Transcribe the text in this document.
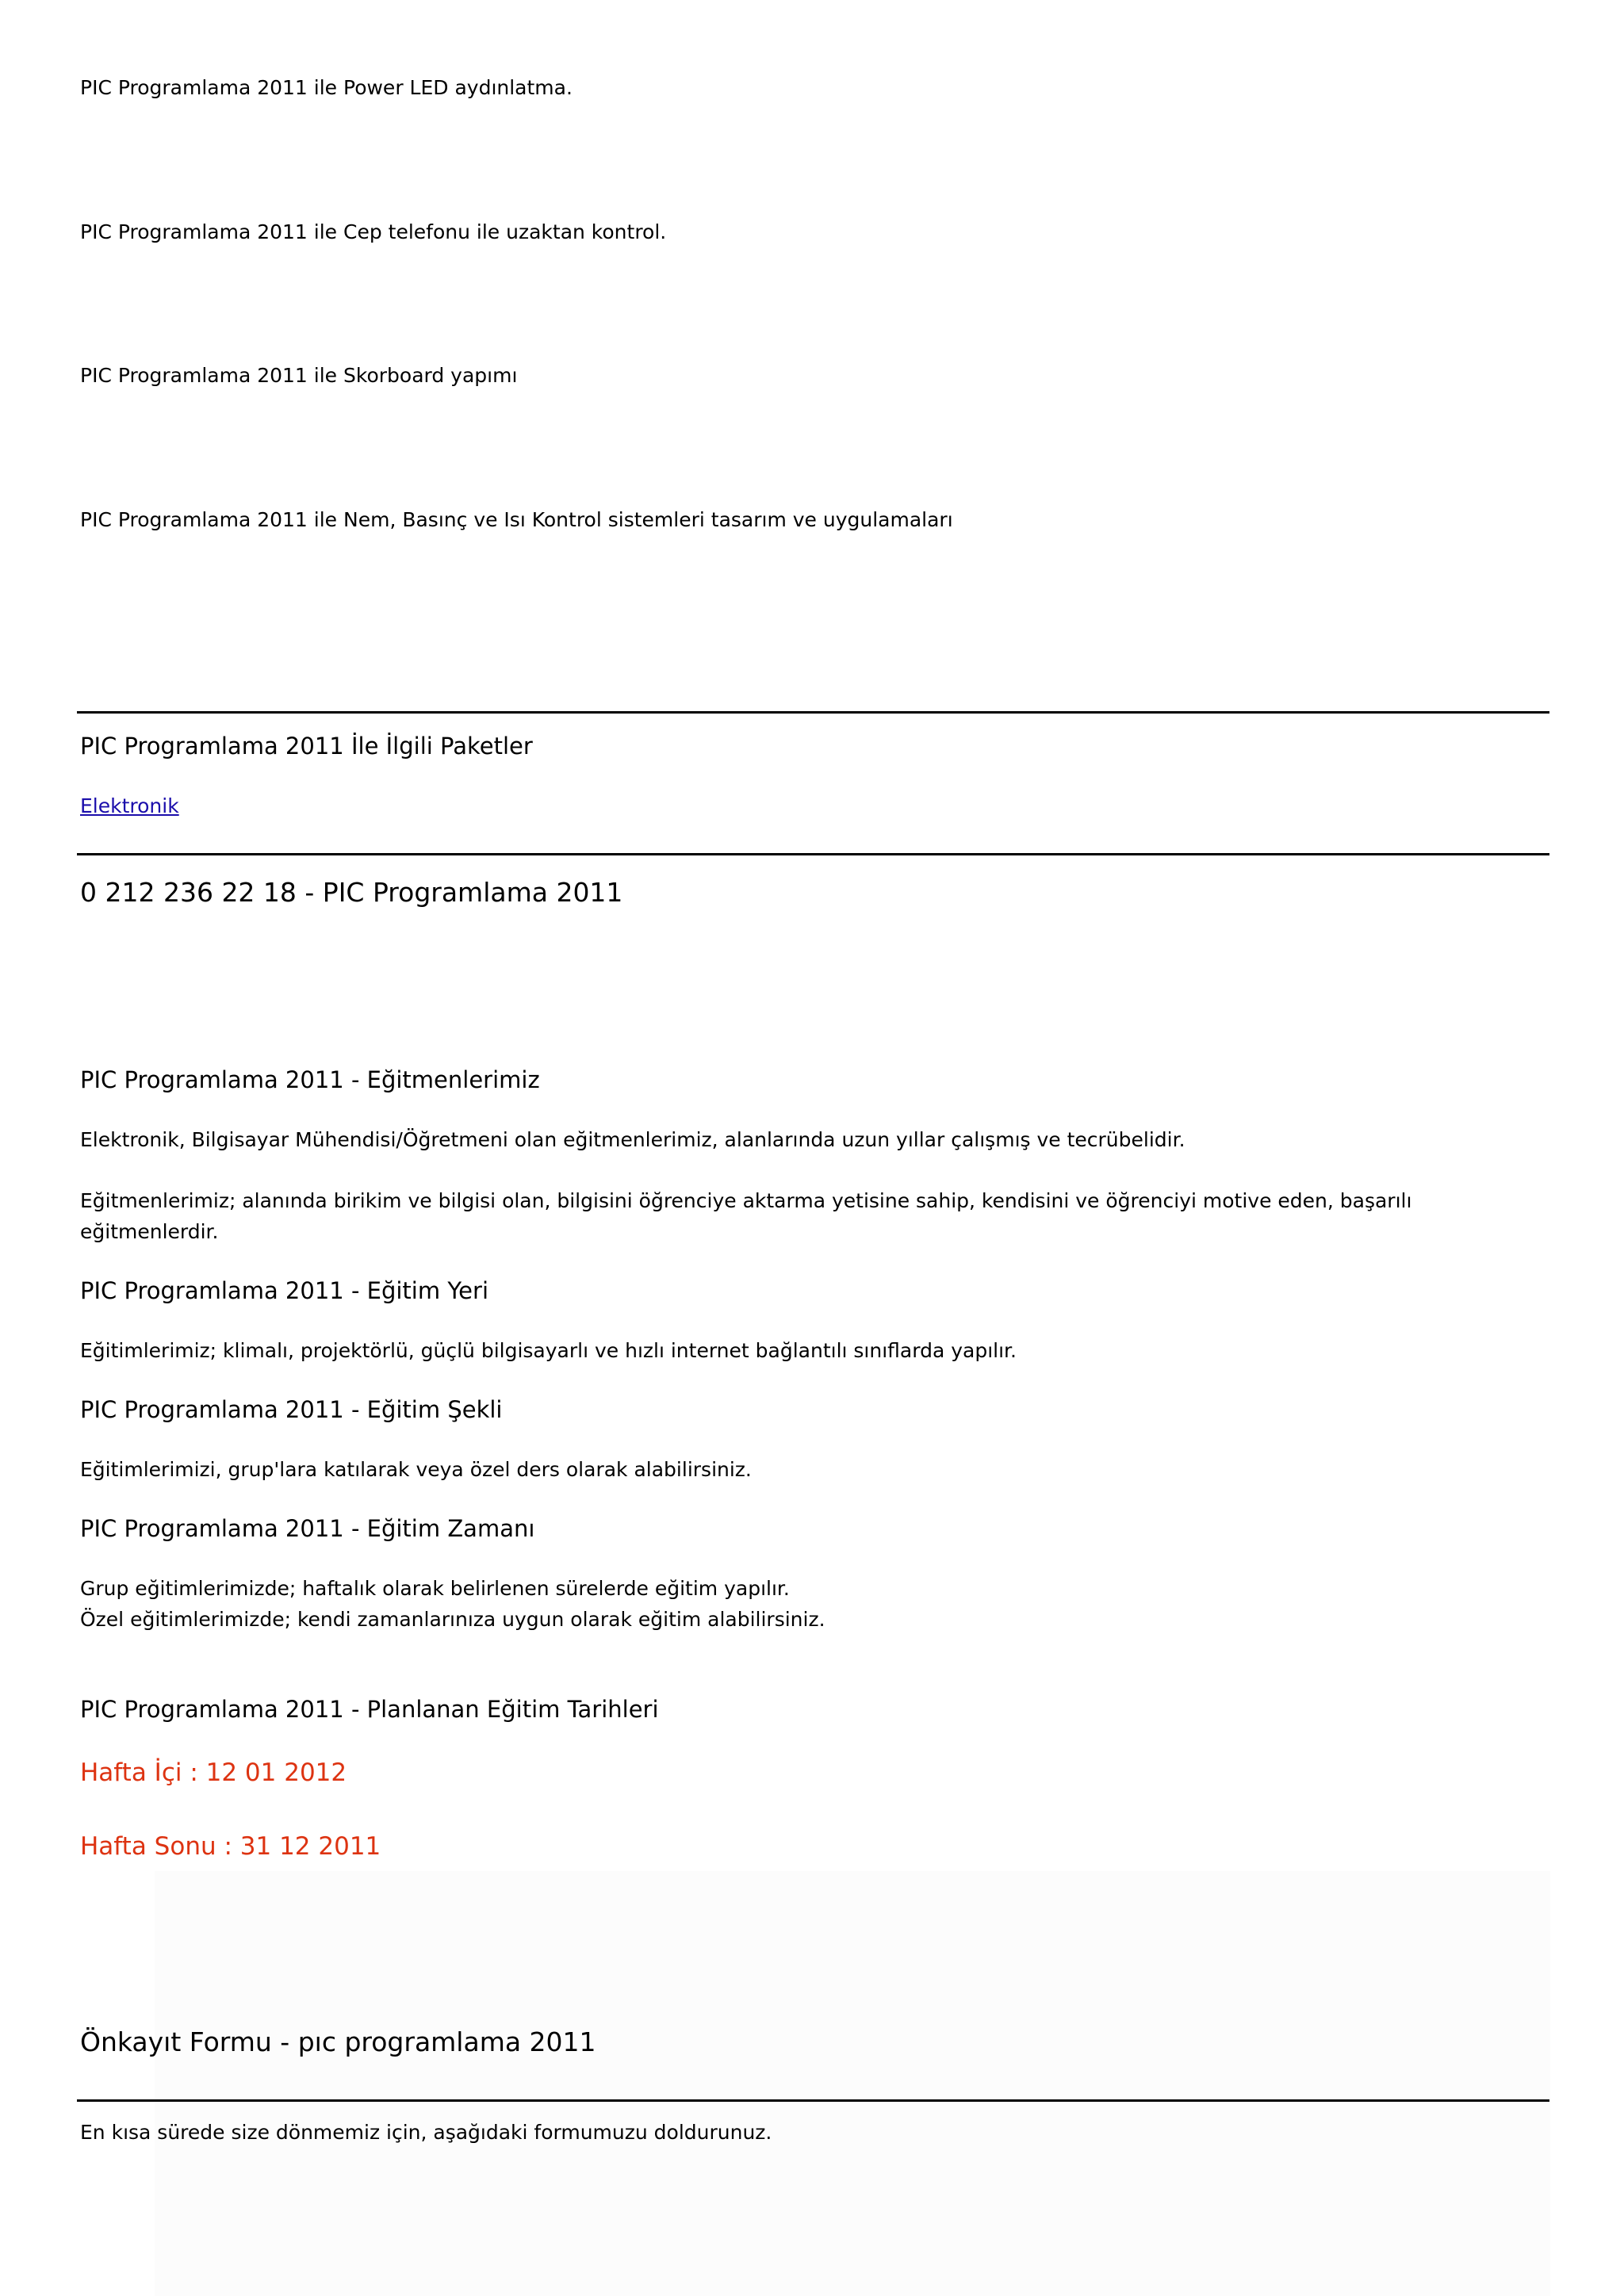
PIC Programlama 2011 ile Power LED aydınlatma.

PIC Programlama 2011 ile Cep telefonu ile uzaktan kontrol.

PIC Programlama 2011 ile Skorboard yapımı

PIC Programlama 2011 ile Nem, Basınç ve Isı Kontrol sistemleri tasarım ve uygulamaları

PIC Programlama 2011 İle İlgili Paketler

Elektronik

0 212 236 22 18 - PIC Programlama 2011

PIC Programlama 2011 - Eğitmenlerimiz

Elektronik, Bilgisayar Mühendisi/Öğretmeni olan eğitmenlerimiz, alanlarında uzun yıllar çalışmış ve tecrübelidir.

Eğitmenlerimiz; alanında birikim ve bilgisi olan, bilgisini öğrenciye aktarma yetisine sahip, kendisini ve öğrenciyi motive eden, başarılı

eğitmenlerdir.

PIC Programlama 2011 - Eğitim Yeri

Eğitimlerimiz; klimalı, projektörlü, güçlü bilgisayarlı ve hızlı internet bağlantılı sınıflarda yapılır.

PIC Programlama 2011 - Eğitim Şekli

Eğitimlerimizi, grup'lara katılarak veya özel ders olarak alabilirsiniz.

PIC Programlama 2011 - Eğitim Zamanı

Grup eğitimlerimizde; haftalık olarak belirlenen sürelerde eğitim yapılır.

Özel eğitimlerimizde; kendi zamanlarınıza uygun olarak eğitim alabilirsiniz.

PIC Programlama 2011 - Planlanan Eğitim Tarihleri

Hafta İçi : 12 01 2012

Hafta Sonu : 31 12 2011

Önkayıt Formu - pıc programlama 2011

En kısa sürede size dönmemiz için, aşağıdaki formumuzu doldurunuz.
